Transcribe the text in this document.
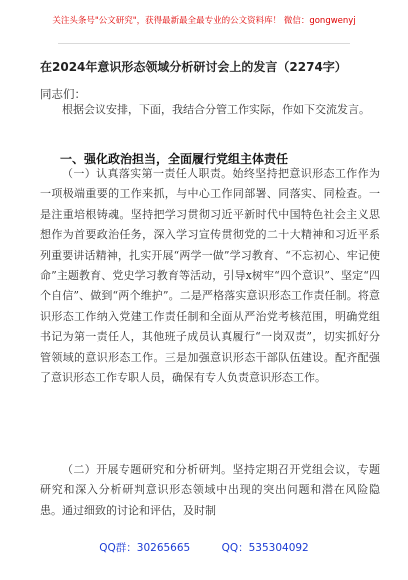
关注头条号"公文研究"，获得最新最全最专业的公文资料库！ 微信：gongwenyj
在2024年意识形态领域分析研讨会上的发言（2274字）
同志们：

根据会议安排，下面，我结合分管工作实际，作如下交流发言。

一、强化政治担当，全面履行党组主体责任

（一）认真落实第一责任人职责。始终坚持把意识形态工作作为一项极端重要的工作来抓，与中心工作同部署、同落实、同检查。一是注重培根铸魂。坚持把学习贯彻习近平新时代中国特色社会主义思想作为首要政治任务，深入学习宣传贯彻党的二十大精神和习近平系列重要讲话精神，扎实开展“两学一做”学习教育、“不忘初心、牢记使命”主题教育、党史学习教育等活动，引导x树牢“四个意识”、坚定“四个自信”、做到“两个维护”。二是严格落实意识形态工作责任制。将意识形态工作纳入党建工作责任制和全面从严治党考核范围，明确党组书记为第一责任人，其他班子成员认真履行“一岗双责”，切实抓好分管领域的意识形态工作。三是加强意识形态干部队伍建设。配齐配强了意识形态工作专职人员，确保有专人负责意识形态工作。

（二）开展专题研究和分析研判。坚持定期召开党组会议，专题研究和深入分析研判意识形态领域中出现的突出问题和潜在风险隐患。通过细致的讨论和评估，及时制

QQ群：30265665	QQ：535304092
